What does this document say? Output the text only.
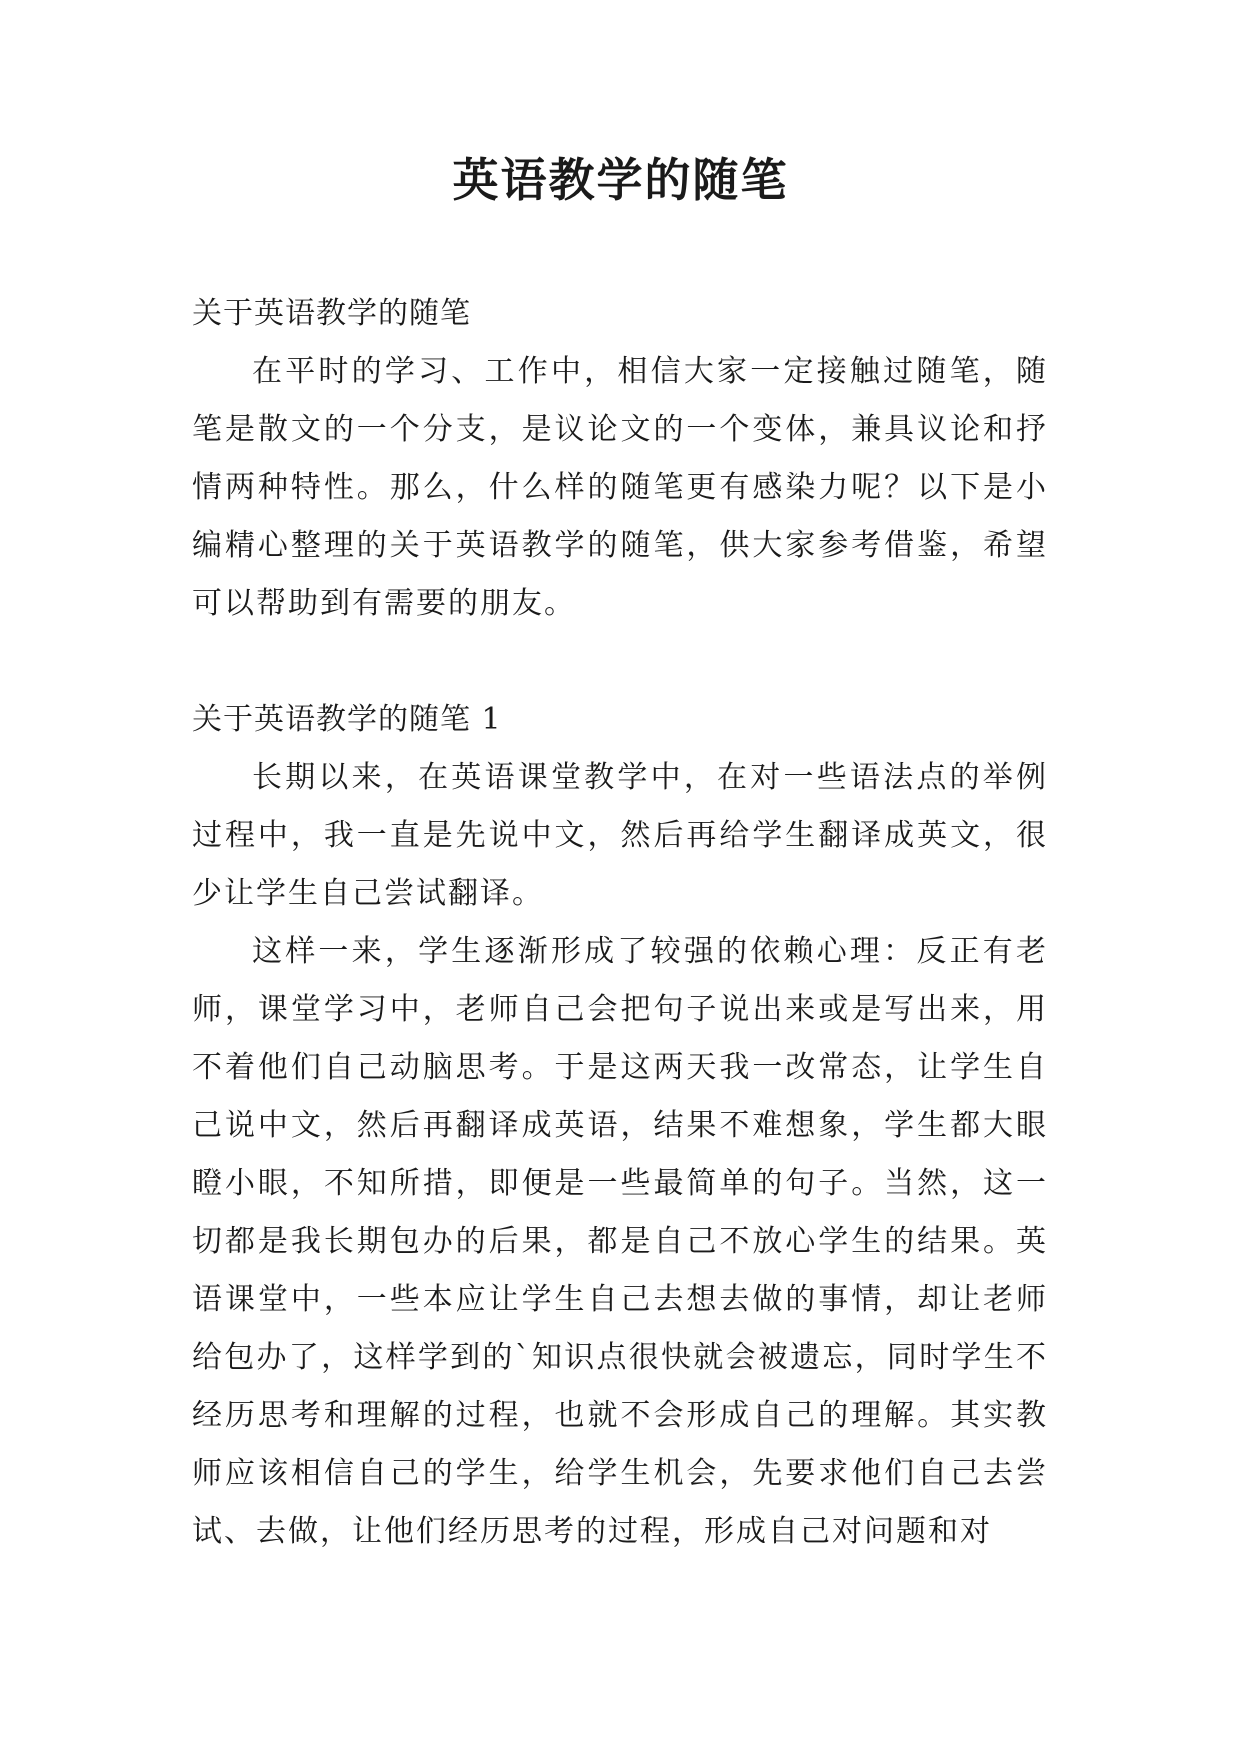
英语教学的随笔

关于英语教学的随笔

在平时的学习、工作中，相信大家一定接触过随笔，随笔是散文的一个分支，是议论文的一个变体，兼具议论和抒情两种特性。那么，什么样的随笔更有感染力呢？以下是小编精心整理的关于英语教学的随笔，供大家参考借鉴，希望可以帮助到有需要的朋友。

关于英语教学的随笔 1

长期以来，在英语课堂教学中，在对一些语法点的举例过程中，我一直是先说中文，然后再给学生翻译成英文，很少让学生自己尝试翻译。

这样一来，学生逐渐形成了较强的依赖心理：反正有老师，课堂学习中，老师自己会把句子说出来或是写出来，用不着他们自己动脑思考。于是这两天我一改常态，让学生自己说中文，然后再翻译成英语，结果不难想象，学生都大眼瞪小眼，不知所措，即便是一些最简单的句子。当然，这一切都是我长期包办的后果，都是自己不放心学生的结果。英语课堂中，一些本应让学生自己去想去做的事情，却让老师给包办了，这样学到的`知识点很快就会被遗忘，同时学生不经历思考和理解的过程，也就不会形成自己的理解。其实教师应该相信自己的学生，给学生机会，先要求他们自己去尝试、去做，让他们经历思考的过程，形成自己对问题和对
